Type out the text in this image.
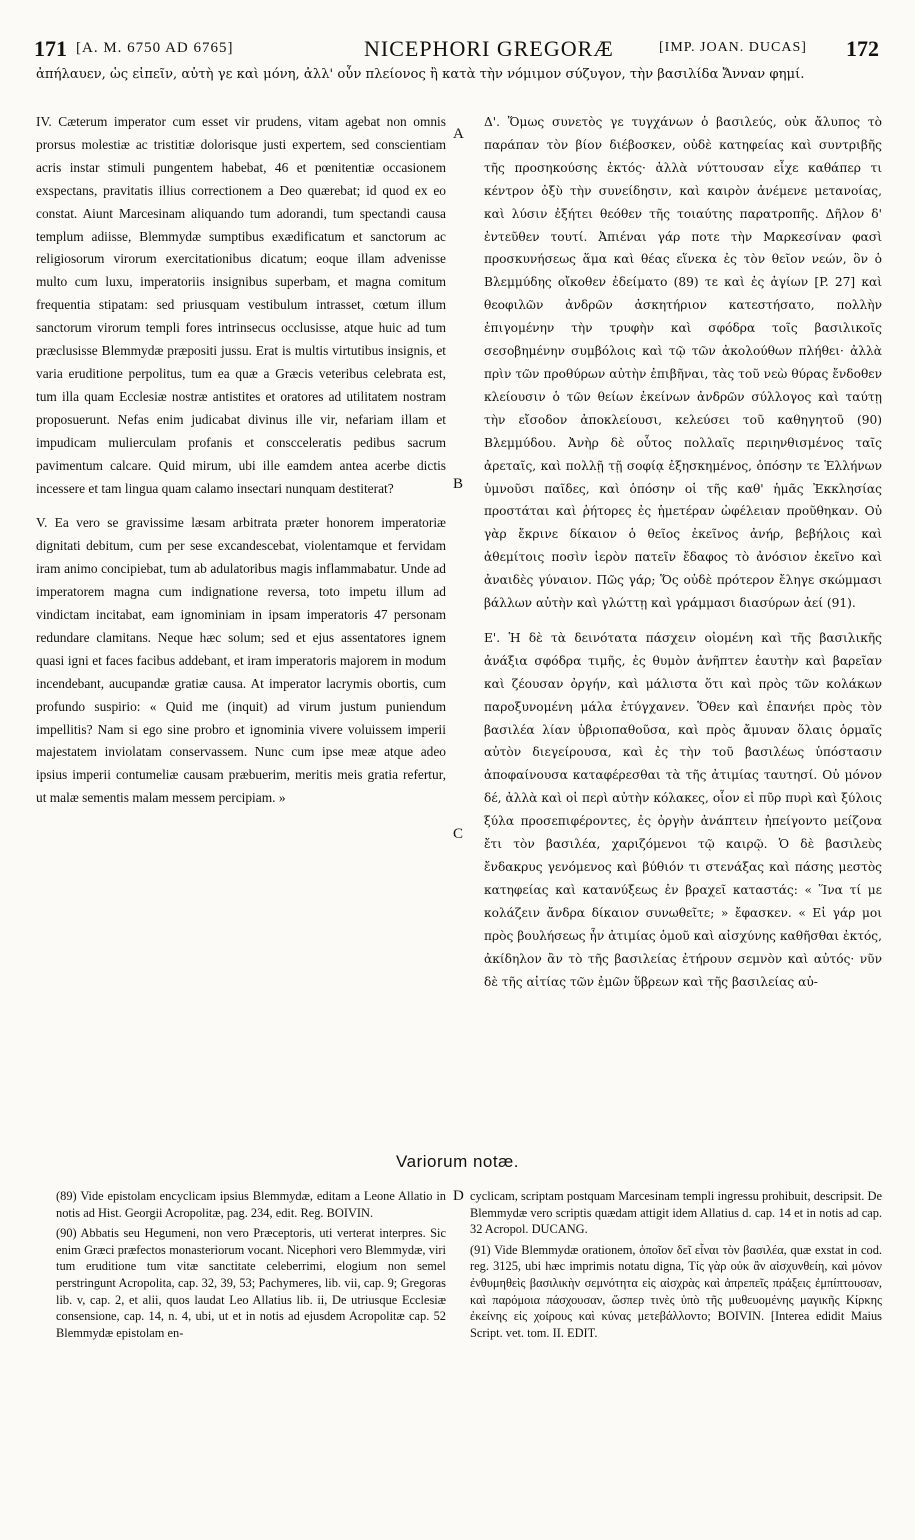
171 [A. M. 6750 AD 6765]	NICEPHORI GREGORÆ	[IMP. JOAN. DUCAS] 172
ἀπήλαυεν, ὡς εἰπεῖν, αὐτὴ γε καὶ μόνη, ἀλλ' οὖν πλείονος ἢ κατὰ τὴν νόμιμον σύζυγον, τὴν βασιλίδα Ἄνναν φημί.

IV. Cæterum imperator cum esset vir prudens, vitam agebat non omnis prorsus molestiæ ac tristitiæ dolorisque justi expertem, sed conscientiam acris instar stimuli pungentem habebat, 46 et pœnitentiæ occasionem exspectans, pravitatis illius correctionem a Deo quærebat; id quod ex eo constat. Aiunt Marcesinam aliquando tum adorandi, tum spectandi causa templum adiisse, Blemmydæ sumptibus exædificatum et sanctorum ac religiosorum virorum exercitationibus dicatum; eoque illam advenisse multo cum luxu, imperatoriis insignibus superbam, et magna comitum frequentia stipatam: sed priusquam vestibulum intrasset, cœtum illum sanctorum virorum templi fores intrinsecus occlusisse, atque huic ad tum præclusisse Blemmydæ præpositi jussu. Erat is multis virtutibus insignis, et varia eruditione perpolitus, tum ea quæ a Græcis veteribus celebrata est, tum illa quam Ecclesiæ nostræ antistites et oratores ad utilitatem nostram proposuerunt. Nefas enim judicabat divinus ille vir, nefariam illam et impudicam mulierculam profanis et conscceleratis pedibus sacrum pavimentum calcare. Quid mirum, ubi ille eamdem antea acerbe dictis incessere et tam lingua quam calamo insectari nunquam destiterat?

V. Ea vero se gravissime læsam arbitrata præter honorem imperatoriæ dignitati debitum, cum per sese excandescebat, violentamque et fervidam iram animo concipiebat, tum ab adulatoribus magis inflammabatur. Unde ad imperatorem magna cum indignatione reversa, toto impetu illum ad vindictam incitabat, eam ignominiam in ipsam imperatoris 47 personam redundare clamitans. Neque hæc solum; sed et ejus assentatores ignem quasi igni et faces facibus addebant, et iram imperatoris majorem in modum incendebant, aucupandæ gratiæ causa. At imperator lacrymis obortis, cum profundo suspirio: « Quid me (inquit) ad virum justum puniendum impellitis? Nam si ego sine probro et ignominia vivere voluissem imperii majestatem inviolatam conservassem. Nunc cum ipse meæ atque adeo ipsius imperii contumeliæ causam præbuerim, meritis meis gratia refertur, ut malæ sementis malam messem percipiam. »

A
B
C
D

Δ'. Ὅμως συνετὸς γε τυγχάνων ὁ βασιλεύς, οὐκ ἄλυπος τὸ παράπαν τὸν βίον διέβοσκεν, οὐδὲ κατηφείας καὶ συντριβῆς τῆς προσηκούσης ἐκτός· ἀλλὰ νύττουσαν εἶχε καθάπερ τι κέντρον ὀξὺ τὴν συνείδησιν, καὶ καιρὸν ἀνέμενε μετανοίας, καὶ λύσιν ἐξήτει θεόθεν τῆς τοιαύτης παρατροπῆς. Δῆλον δ' ἐντεῦθεν τουτί. Ἀπιέναι γάρ ποτε τὴν Μαρκεσίναν φασὶ προσκυνήσεως ἅμα καὶ θέας εἵνεκα ἐς τὸν θεῖον νεών, ὃν ὁ Βλεμμύδης οἴκοθεν ἐδείματο (89) τε καὶ ἐς ἁγίων [P. 27] καὶ θεοφιλῶν ἀνδρῶν ἀσκητήριον κατεστήσατο, πολλὴν ἐπιγομένην τὴν τρυφὴν καὶ σφόδρα τοῖς βασιλικοῖς σεσοβημένην συμβόλοις καὶ τῷ τῶν ἀκολούθων πλήθει· ἀλλὰ πρὶν τῶν προθύρων αὐτὴν ἐπιβῆναι, τὰς τοῦ νεὼ θύρας ἔνδοθεν κλείουσιν ὁ τῶν θείων ἐκείνων ἀνδρῶν σύλλογος καὶ ταύτῃ τὴν εἴσοδον ἀποκλείουσι, κελεύσει τοῦ καθηγητοῦ (90) Βλεμμύδου. Ἀνὴρ δὲ οὗτος πολλαῖς περιηνθισμένος ταῖς ἀρεταῖς, καὶ πολλῇ τῇ σοφίᾳ ἐξησκημένος, ὁπόσην τε Ἑλλήνων ὑμνοῦσι παῖδες, καὶ ὁπόσην οἱ τῆς καθ' ἡμᾶς Ἐκκλησίας προστάται καὶ ῥήτορες ἐς ἡμετέραν ὠφέλειαν προῦθηκαν. Οὐ γὰρ ἔκρινε δίκαιον ὁ θεῖος ἐκεῖνος ἀνήρ, βεβήλοις καὶ ἀθεμίτοις ποσὶν ἱερὸν πατεῖν ἔδαφος τὸ ἀνόσιον ἐκεῖνο καὶ ἀναιδὲς γύναιον. Πῶς γάρ; Ὅς οὐδὲ πρότερον ἔληγε σκώμμασι βάλλων αὐτὴν καὶ γλώττῃ καὶ γράμμασι διασύρων ἀεί (91).

Ε'. Ἡ δὲ τὰ δεινότατα πάσχειν οἰομένη καὶ τῆς βασιλικῆς ἀνάξια σφόδρα τιμῆς, ἐς θυμὸν ἀνῆπτεν ἑαυτὴν καὶ βαρεῖαν καὶ ζέουσαν ὀργήν, καὶ μάλιστα ὅτι καὶ πρὸς τῶν κολάκων παροξυνομένη μάλα ἐτύγχανεν. Ὅθεν καὶ ἐπανήει πρὸς τὸν βασιλέα λίαν ὑβριοπαθοῦσα, καὶ πρὸς ἄμυναν ὅλαις ὁρμαῖς αὐτὸν διεγείρουσα, καὶ ἐς τὴν τοῦ βασιλέως ὑπόστασιν ἀποφαίνουσα καταφέρεσθαι τὰ τῆς ἀτιμίας ταυτησί. Οὐ μόνον δέ, ἀλλὰ καὶ οἱ περὶ αὐτὴν κόλακες, οἷον εἰ πῦρ πυρὶ καὶ ξύλοις ξύλα προσεπιφέροντες, ἐς ὀργὴν ἀνάπτειν ἠπείγοντο μείζονα ἔτι τὸν βασιλέα, χαριζόμενοι τῷ καιρῷ. Ὁ δὲ βασιλεὺς ἔνδακρυς γενόμενος καὶ βύθιόν τι στενάξας καὶ πάσης μεστὸς κατηφείας καὶ κατανύξεως ἐν βραχεῖ καταστάς: « Ἵνα τί με κολάζειν ἄνδρα δίκαιον συνωθεῖτε; » ἔφασκεν. « Εἰ γάρ μοι πρὸς βουλήσεως ἦν ἀτιμίας ὁμοῦ καὶ αἰσχύνης καθῆσθαι ἐκτός, ἀκίδηλον ἂν τὸ τῆς βασιλείας ἐτήρουν σεμνὸν καὶ αὐτός· νῦν δὲ τῆς αἰτίας τῶν ἐμῶν ὕβρεων καὶ τῆς βασιλείας αὐ-

Variorum notæ.

(89) Vide epistolam encyclicam ipsius Blemmydæ, editam a Leone Allatio in notis ad Hist. Georgii Acropolitæ, pag. 234, edit. Reg. BOIVIN.

(90) Abbatis seu Hegumeni, non vero Præceptoris, uti verterat interpres. Sic enim Græci præfectos monasteriorum vocant. Nicephori vero Blemmydæ, viri tum eruditione tum vitæ sanctitate celeberrimi, elogium non semel perstringunt Acropolita, cap. 32, 39, 53; Pachymeres, lib. vii, cap. 9; Gregoras lib. v, cap. 2, et alii, quos laudat Leo Allatius lib. ii, De utriusque Ecclesiæ consensione, cap. 14, n. 4, ubi, ut et in notis ad ejusdem Acropolitæ cap. 52 Blemmydæ epistolam en-

cyclicam, scriptam postquam Marcesinam templi ingressu prohibuit, descripsit. De Blemmydæ vero scriptis quædam attigit idem Allatius d. cap. 14 et in notis ad cap. 32 Acropol. DUCANG.

(91) Vide Blemmydæ orationem, ὁποῖον δεῖ εἶναι τὸν βασιλέα, quæ exstat in cod. reg. 3125, ubi hæc imprimis notatu digna, Τίς γὰρ οὐκ ἂν αἰσχυνθείη, καὶ μόνον ἐνθυμηθεὶς βασιλικὴν σεμνότητα εἰς αἰσχρὰς καὶ ἀπρεπεῖς πράξεις ἐμπίπτουσαν, καὶ παρόμοια πάσχουσαν, ὥσπερ τινὲς ὑπὸ τῆς μυθευομένης μαγικῆς Κίρκης ἐκείνης εἰς χοίρους καὶ κύνας μετεβάλλοντο; BOIVIN. [Interea edidit Maius Script. vet. tom. II. EDIT.
